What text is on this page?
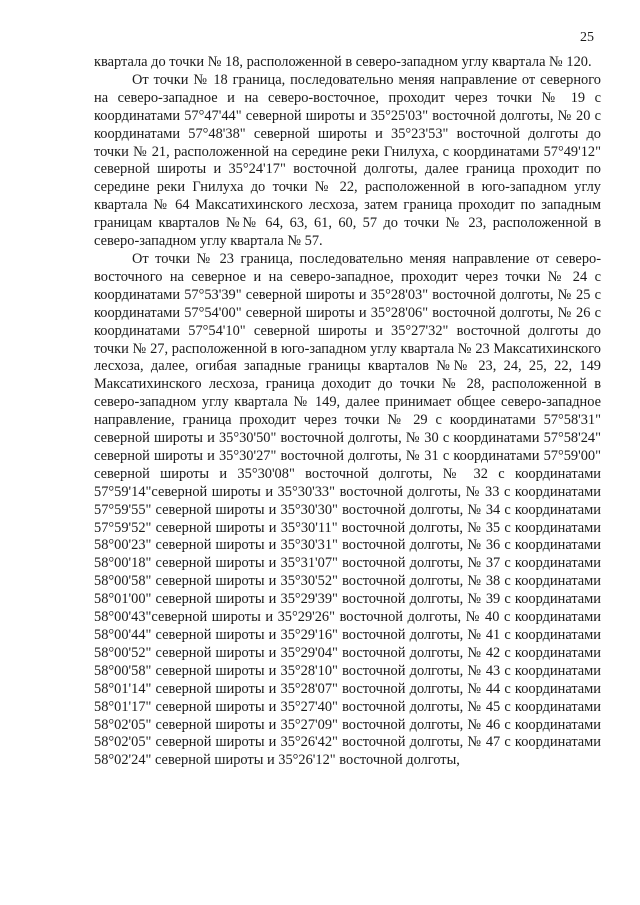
25

квартала до точки № 18, расположенной в северо-западном углу квартала № 120.

От точки № 18 граница, последовательно меняя направление от северного на северо-западное и на северо-восточное, проходит через точки № 19 с координатами 57°47'44" северной широты и 35°25'03" восточной долготы, № 20 с координатами 57°48'38" северной широты и 35°23'53" восточной долготы до точки № 21, расположенной на середине реки Гнилуха, с координатами 57°49'12" северной широты и 35°24'17" восточной долготы, далее граница проходит по середине реки Гнилуха до точки № 22, расположенной в юго-западном углу квартала № 64 Максатихинского лесхоза, затем граница проходит по западным границам кварталов №№ 64, 63, 61, 60, 57 до точки № 23, расположенной в северо-западном углу квартала № 57.

От точки № 23 граница, последовательно меняя направление от северо-восточного на северное и на северо-западное, проходит через точки № 24 с координатами 57°53'39" северной широты и 35°28'03" восточной долготы, № 25 с координатами 57°54'00" северной широты и 35°28'06" восточной долготы, № 26 с координатами 57°54'10" северной широты и 35°27'32" восточной долготы до точки № 27, расположенной в юго-западном углу квартала № 23 Максатихинского лесхоза, далее, огибая западные границы кварталов №№ 23, 24, 25, 22, 149 Максатихинского лесхоза, граница доходит до точки № 28, расположенной в северо-западном углу квартала № 149, далее принимает общее северо-западное направление, граница проходит через точки № 29 с координатами 57°58'31" северной широты и 35°30'50" восточной долготы, № 30 с координатами 57°58'24" северной широты и 35°30'27" восточной долготы, № 31 с координатами 57°59'00" северной широты и 35°30'08" восточной долготы, № 32 с координатами 57°59'14"северной широты и 35°30'33" восточной долготы, № 33 с координатами 57°59'55" северной широты и 35°30'30" восточной долготы, № 34 с координатами 57°59'52" северной широты и 35°30'11" восточной долготы, № 35 с координатами 58°00'23" северной широты и 35°30'31" восточной долготы, № 36 с координатами 58°00'18" северной широты и 35°31'07" восточной долготы, № 37 с координатами 58°00'58" северной широты и 35°30'52" восточной долготы, № 38 с координатами 58°01'00" северной широты и 35°29'39" восточной долготы, № 39 с координатами 58°00'43"северной широты и 35°29'26" восточной долготы, № 40 с координатами 58°00'44" северной широты и 35°29'16" восточной долготы, № 41 с координатами 58°00'52" северной широты и 35°29'04" восточной долготы, № 42 с координатами 58°00'58" северной широты и 35°28'10" восточной долготы, № 43 с координатами 58°01'14" северной широты и 35°28'07" восточной долготы, № 44 с координатами 58°01'17" северной широты и 35°27'40" восточной долготы, № 45 с координатами 58°02'05" северной широты и 35°27'09" восточной долготы, № 46 с координатами 58°02'05" северной широты и 35°26'42" восточной долготы, № 47 с координатами 58°02'24" северной широты и 35°26'12" восточной долготы,
